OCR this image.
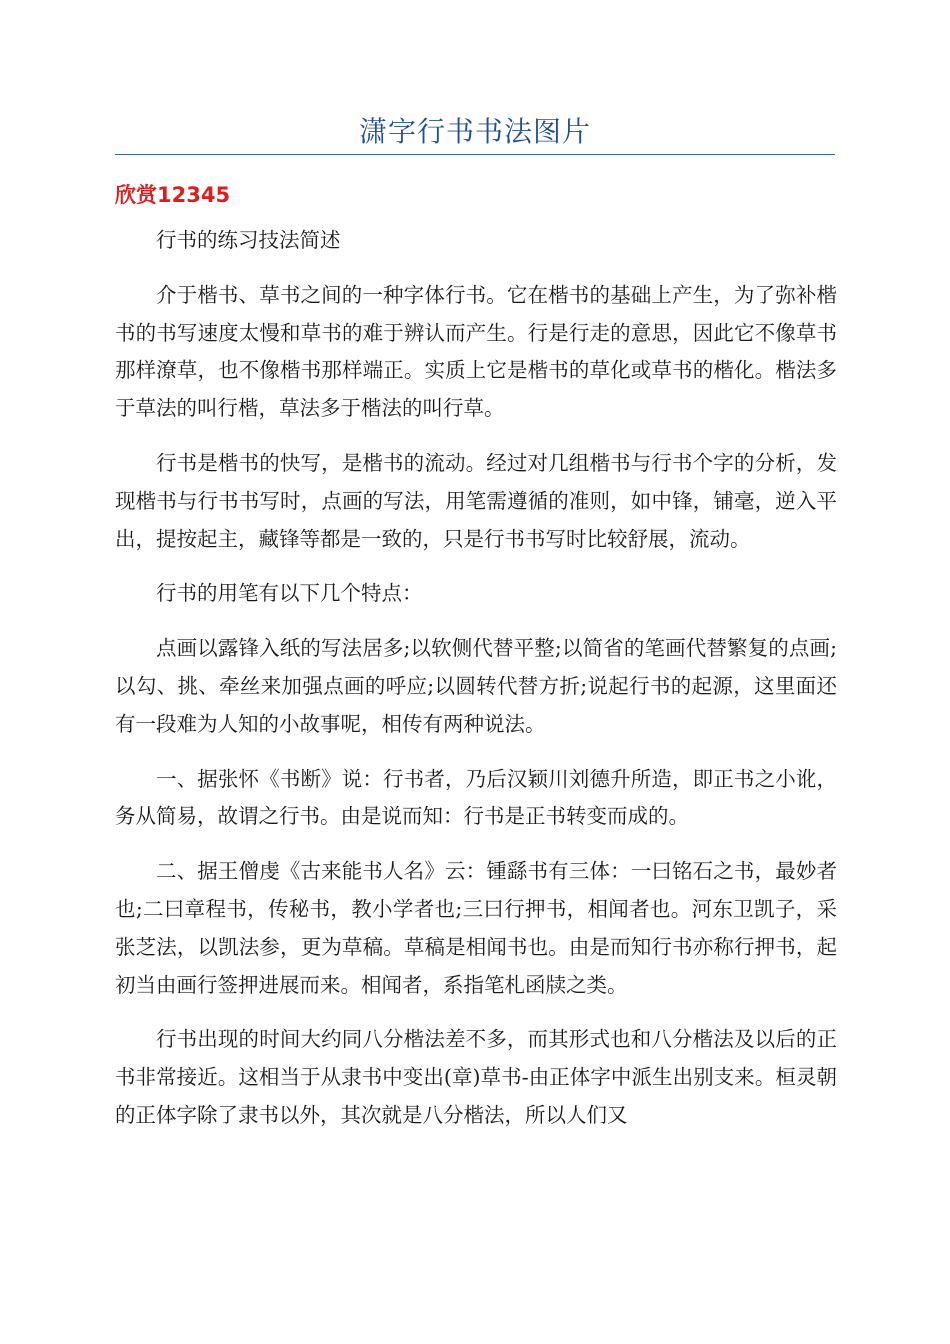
潇字行书书法图片
欣赏12345

行书的练习技法简述

介于楷书、草书之间的一种字体行书。它在楷书的基础上产生，为了弥补楷书的书写速度太慢和草书的难于辨认而产生。行是行走的意思，因此它不像草书那样潦草，也不像楷书那样端正。实质上它是楷书的草化或草书的楷化。楷法多于草法的叫行楷，草法多于楷法的叫行草。

行书是楷书的快写，是楷书的流动。经过对几组楷书与行书个字的分析，发现楷书与行书书写时，点画的写法，用笔需遵循的准则，如中锋，铺毫，逆入平出，提按起主，藏锋等都是一致的，只是行书书写时比较舒展，流动。

行书的用笔有以下几个特点：

点画以露锋入纸的写法居多;以软侧代替平整;以简省的笔画代替繁复的点画;以勾、挑、牵丝来加强点画的呼应;以圆转代替方折;说起行书的起源，这里面还有一段难为人知的小故事呢，相传有两种说法。

一、据张怀《书断》说：行书者，乃后汉颖川刘德升所造，即正书之小讹，务从简易，故谓之行书。由是说而知：行书是正书转变而成的。

二、据王僧虔《古来能书人名》云：锺繇书有三体：一曰铭石之书，最妙者也;二曰章程书，传秘书，教小学者也;三曰行押书，相闻者也。河东卫凯子，采张芝法，以凯法参，更为草稿。草稿是相闻书也。由是而知行书亦称行押书，起初当由画行签押进展而来。相闻者，系指笔札函牍之类。

行书出现的时间大约同八分楷法差不多，而其形式也和八分楷法及以后的正书非常接近。这相当于从隶书中变出(章)草书-由正体字中派生出别支来。桓灵朝的正体字除了隶书以外，其次就是八分楷法，所以人们又
